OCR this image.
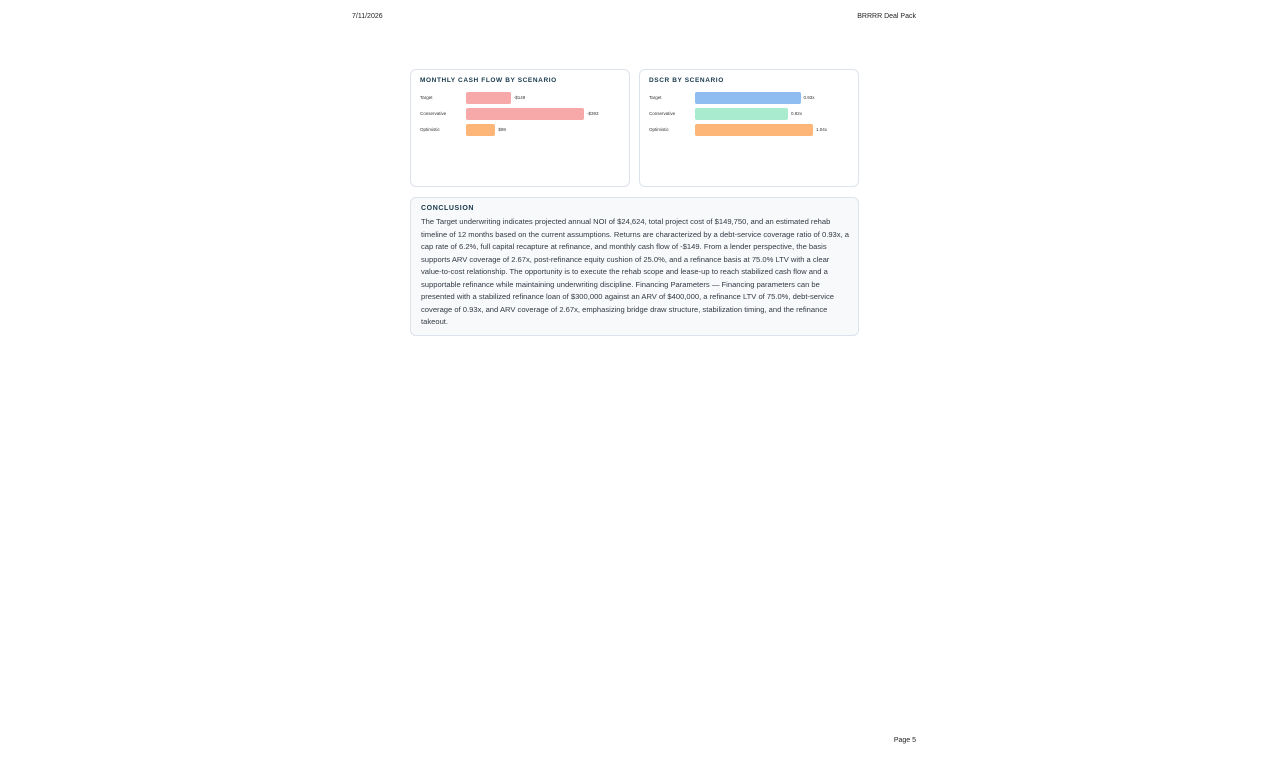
7/11/2026	BRRRR Deal Pack
MONTHLY CASH FLOW BY SCENARIO
Target	-$149
Conservative	-$393
Optimistic	$98
DSCR BY SCENARIO
Target	0.93x
Conservative	0.82x
Optimistic	1.04x
CONCLUSION
The Target underwriting indicates projected annual NOI of $24,624, total project cost of $149,750, and an estimated rehab timeline of 12 months based on the current assumptions. Returns are characterized by a debt-service coverage ratio of 0.93x, a cap rate of 6.2%, full capital recapture at refinance, and monthly cash flow of -$149. From a lender perspective, the basis supports ARV coverage of 2.67x, post-refinance equity cushion of 25.0%, and a refinance basis at 75.0% LTV with a clear value-to-cost relationship. The opportunity is to execute the rehab scope and lease-up to reach stabilized cash flow and a supportable refinance while maintaining underwriting discipline. Financing Parameters — Financing parameters can be presented with a stabilized refinance loan of $300,000 against an ARV of $400,000, a refinance LTV of 75.0%, debt-service coverage of 0.93x, and ARV coverage of 2.67x, emphasizing bridge draw structure, stabilization timing, and the refinance takeout.
Page 5
